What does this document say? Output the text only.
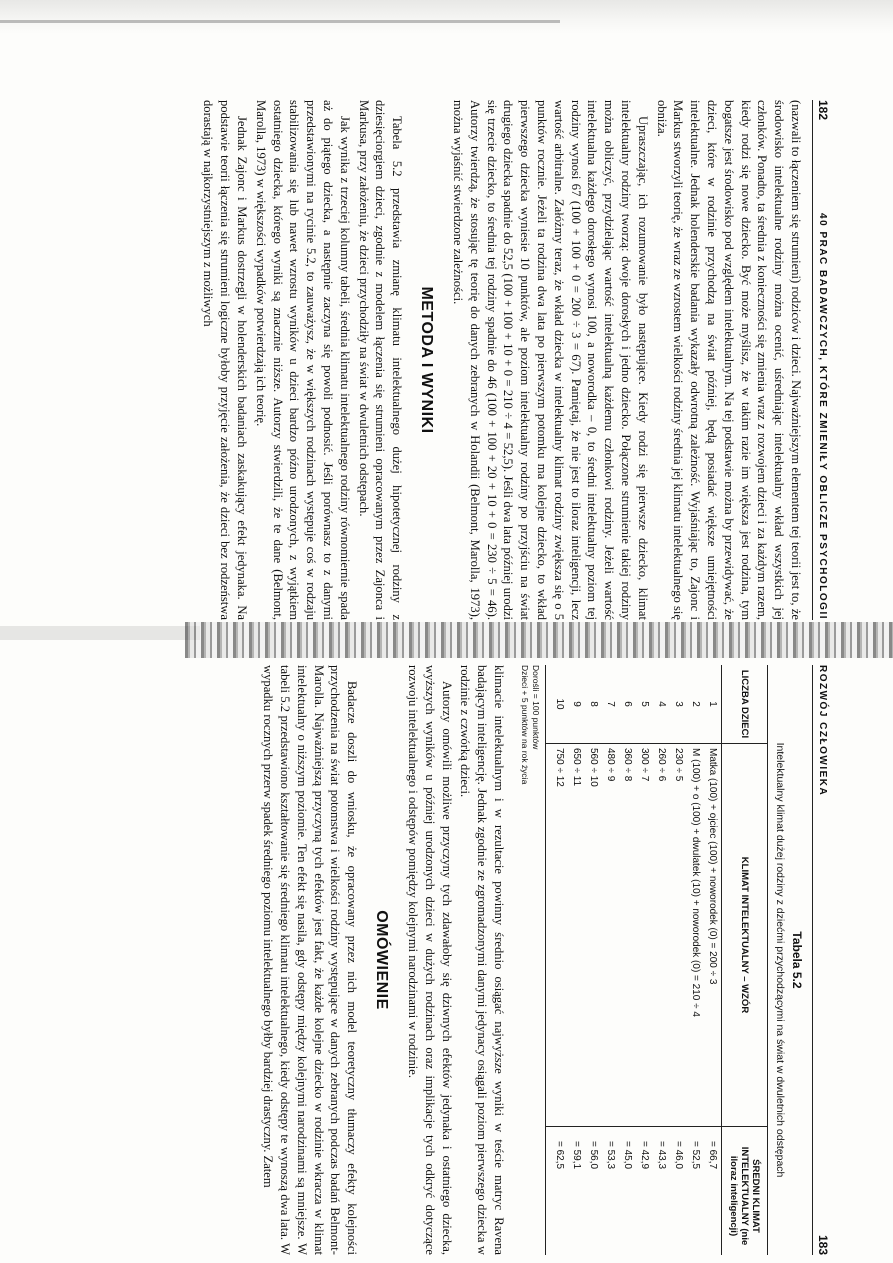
182
40 PRAC BADAWCZYCH, KTÓRE ZMIENIŁY OBLICZE PSYCHOLOGII

(nazwali to łączeniem się strumieni) rodziców i dzieci. Najważniejszym elementem tej teorii jest to, że środowisko intelektualne rodziny można ocenić, uśredniając intelektualny wkład wszystkich jej członków. Ponadto, ta średnia z konieczności się zmienia wraz z rozwojem dzieci i za każdym razem, kiedy rodzi się nowe dziecko. Być może myślisz, że w takim razie im większa jest rodzina, tym bogatsze jest środowisko pod względem intelektualnym. Na tej podstawie można by przewidywać, że dzieci, które w rodzinie przychodzą na świat później, będą posiadać większe umiejętności intelektualne. Jednak holenderskie badania wykazały odwrotną zależność. Wyjaśniając to, Zajonc i Markus stworzyli teorię, że wraz ze wzrostem wielkości rodziny średnia jej klimatu intelektualnego się obniża.

Upraszczając, ich rozumowanie było następujące. Kiedy rodzi się pierwsze dziecko, klimat intelektualny rodziny tworzą: dwoje dorosłych i jedno dziecko. Połączone strumienie takiej rodziny można obliczyć, przydzielając wartość intelektualną każdemu członkowi rodziny. Jeżeli wartość intelektualna każdego dorosłego wynosi 100, a noworodka – 0, to średni intelektualny poziom tej rodziny wynosi 67 (100 + 100 + 0 = 200 ÷ 3 = 67). Pamiętaj, że nie jest to iloraz inteligencji, lecz wartość arbitralne. Załóżmy teraz, że wkład dziecka w intelektualny klimat rodziny zwiększa się o 5 punktów rocznie. Jeżeli ta rodzina dwa lata po pierwszym potomku ma kolejne dziecko, to wkład pierwszego dziecka wyniesie 10 punktów, ale poziom intelektualny rodziny po przyjściu na świat drugiego dziecka spadnie do 52,5 (100 + 100 + 10 + 0 = 210 ÷ 4 = 52,5). Jeśli dwa lata później urodzi się trzecie dziecko, to średnia tej rodziny spadnie do 46 (100 + 100 + 20 + 10 + 0 = 230 ÷ 5 = 46). Autorzy twierdzą, że stosując tę teorię do danych zebranych w Holandii (Belmont, Marolla, 1973), można wyjaśnić stwierdzone zależności.

METODA I WYNIKI

Tabela 5.2 przedstawia zmianę klimatu intelektualnego dużej hipotetycznej rodziny z dziesięciorgiem dzieci, zgodnie z modelem łączenia się strumieni opracowanym przez Zajonca i Markusa, przy założeniu, że dzieci przychodziły na świat w dwuletnich odstępach.

Jak wynika z trzeciej kolumny tabeli, średnia klimatu intelektualnego rodziny równomiernie spada aż do piątego dziecka, a następnie zaczyna się powoli podnosić. Jeśli porównasz to z danymi przedstawionymi na rycinie 5.2, to zauważysz, że w większych rodzinach występuje coś w rodzaju stabilizowania się lub nawet wzrostu wyników u dzieci bardzo późno urodzonych, z wyjątkiem ostatniego dziecka, którego wyniki są znacznie niższe. Autorzy stwierdzili, że te dane (Belmont, Marolla, 1973) w większości wypadków potwierdzają ich teorię.

Jednak Zajonc i Markus dostrzegli w holenderskich badaniach zaskakujący efekt jedynaka. Na podstawie teorii łączenia się strumieni logiczne byłoby przyjęcie założenia, że dzieci bez rodzeństwa dorastają w najkorzystniejszym z możliwych

ROZWÓJ CZŁOWIEKA
183
Tabela 5.2
Intelektualny klimat dużej rodziny z dziećmi przychodzącymi na świat w dwuletnich odstępach
LICZBA DZIECI	KLIMAT INTELEKTUALNY – WZÓR	ŚREDNI KLIMAT INTELEKTUALNY (nie iloraz inteligencji)
1	Matka (100) + ojciec (100) + noworodek (0) = 200 ÷ 3	= 66,7
2	M (100) + o (100) + dwulatek (10) + noworodek (0) = 210 ÷ 4	= 52,5
3	230 ÷ 5	= 46,0
4	260 ÷ 6	= 43,3
5	300 ÷ 7	= 42,9
6	360 ÷ 8	= 45,0
7	480 ÷ 9	= 53,3
8	560 ÷ 10	= 56,0
9	650 ÷ 11	= 59,1
10	750 ÷ 12	= 62,5
Dorośli = 100 punktów
Dzieci + 5 punktów na rok życia

klimacie intelektualnym i w rezultacie powinny średnio osiągać najwyższe wyniki w teście matryc Ravena badającym inteligencję. Jednak zgodnie ze zgromadzonymi danymi jedynacy osiągali poziom pierwszego dziecka w rodzinie z czwórką dzieci.

Autorzy omówili możliwe przyczyny tych zdawałoby się dziwnych efektów jedynaka i ostatniego dziecka, wyższych wyników u później urodzonych dzieci w dużych rodzinach oraz implikacje tych odkryć dotyczące rozwoju intelektualnego i odstępów pomiędzy kolejnymi narodzinami w rodzinie.

OMÓWIENIE

Badacze doszli do wniosku, że opracowany przez nich model teoretyczny tłumaczy efekty kolejności przychodzenia na świat potomstwa i wielkości rodziny występujące w danych zebranych podczas badań Belmont-Marolla. Najważniejszą przyczyną tych efektów jest fakt, że każde kolejne dziecko w rodzinie wkracza w klimat intelektualny o niższym poziomie. Ten efekt się nasila, gdy odstępy między kolejnymi narodzinami są mniejsze. W tabeli 5.2 przedstawiono kształtowanie się średniego klimatu intelektualnego, kiedy odstępy te wynoszą dwa lata. W wypadku rocznych przerw spadek średniego poziomu intelektualnego byłby bardziej drastyczny. Zatem
